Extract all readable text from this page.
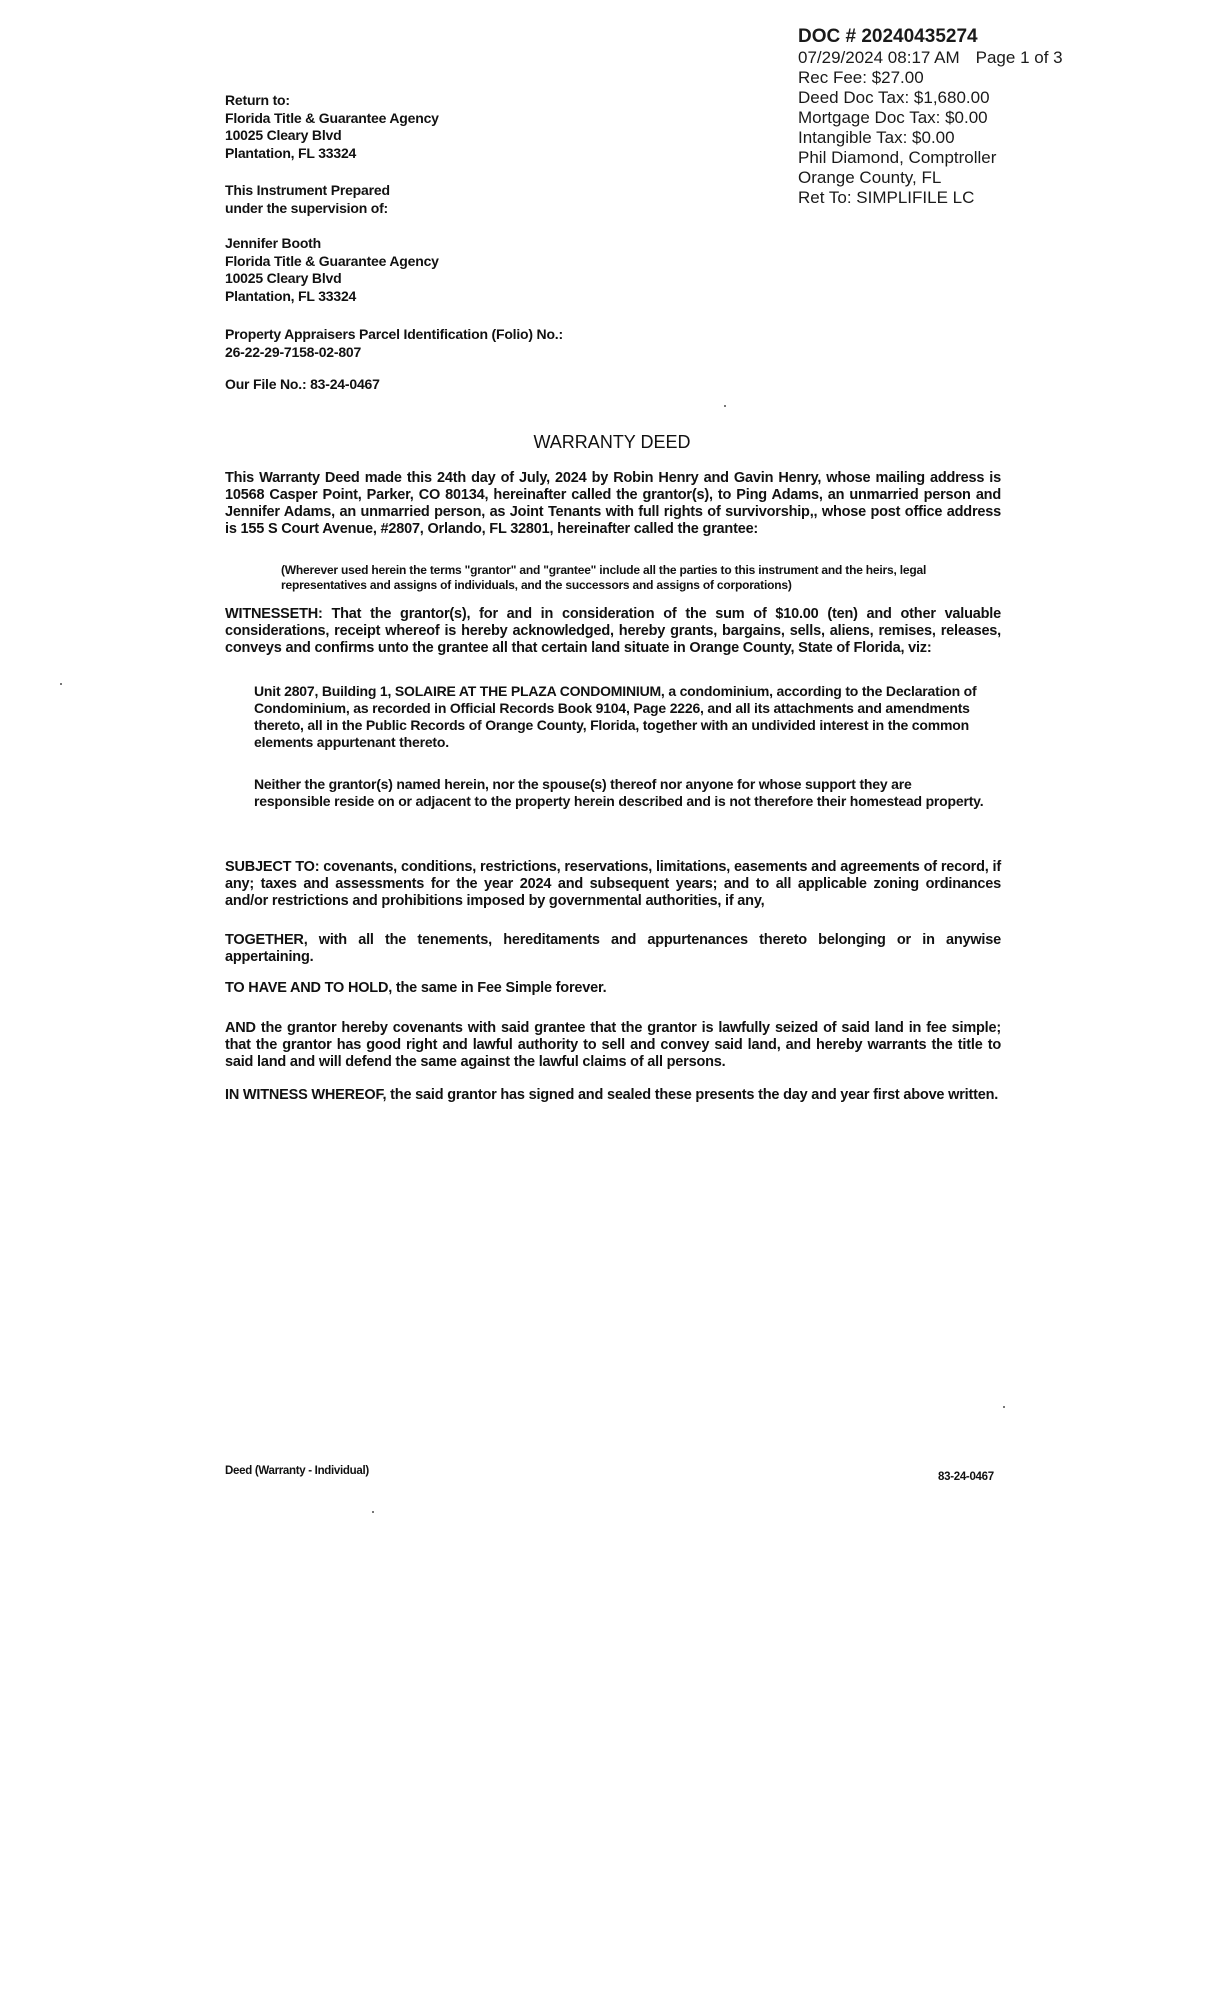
DOC # 20240435274
07/29/2024 08:17 AM Page 1 of 3
Rec Fee: $27.00
Deed Doc Tax: $1,680.00
Mortgage Doc Tax: $0.00
Intangible Tax: $0.00
Phil Diamond, Comptroller
Orange County, FL
Ret To: SIMPLIFILE LC
Return to:
Florida Title & Guarantee Agency
10025 Cleary Blvd
Plantation, FL 33324
This Instrument Prepared
under the supervision of:
Jennifer Booth
Florida Title & Guarantee Agency
10025 Cleary Blvd
Plantation, FL 33324
Property Appraisers Parcel Identification (Folio) No.:
26-22-29-7158-02-807
Our File No.: 83-24-0467
WARRANTY DEED
This Warranty Deed made this 24th day of July, 2024 by Robin Henry and Gavin Henry, whose mailing address is 10568 Casper Point, Parker, CO 80134, hereinafter called the grantor(s), to Ping Adams, an unmarried person and Jennifer Adams, an unmarried person, as Joint Tenants with full rights of survivorship,, whose post office address is 155 S Court Avenue, #2807, Orlando, FL 32801, hereinafter called the grantee:
(Wherever used herein the terms "grantor" and "grantee" include all the parties to this instrument and the heirs, legal representatives and assigns of individuals, and the successors and assigns of corporations)
WITNESSETH: That the grantor(s), for and in consideration of the sum of $10.00 (ten) and other valuable considerations, receipt whereof is hereby acknowledged, hereby grants, bargains, sells, aliens, remises, releases, conveys and confirms unto the grantee all that certain land situate in Orange County, State of Florida, viz:
Unit 2807, Building 1, SOLAIRE AT THE PLAZA CONDOMINIUM, a condominium, according to the Declaration of Condominium, as recorded in Official Records Book 9104, Page 2226, and all its attachments and amendments thereto, all in the Public Records of Orange County, Florida, together with an undivided interest in the common elements appurtenant thereto.
Neither the grantor(s) named herein, nor the spouse(s) thereof nor anyone for whose support they are responsible reside on or adjacent to the property herein described and is not therefore their homestead property.
SUBJECT TO: covenants, conditions, restrictions, reservations, limitations, easements and agreements of record, if any; taxes and assessments for the year 2024 and subsequent years; and to all applicable zoning ordinances and/or restrictions and prohibitions imposed by governmental authorities, if any,
TOGETHER, with all the tenements, hereditaments and appurtenances thereto belonging or in anywise appertaining.
TO HAVE AND TO HOLD, the same in Fee Simple forever.
AND the grantor hereby covenants with said grantee that the grantor is lawfully seized of said land in fee simple; that the grantor has good right and lawful authority to sell and convey said land, and hereby warrants the title to said land and will defend the same against the lawful claims of all persons.
IN WITNESS WHEREOF, the said grantor has signed and sealed these presents the day and year first above written.
Deed (Warranty - Individual)	83-24-0467
